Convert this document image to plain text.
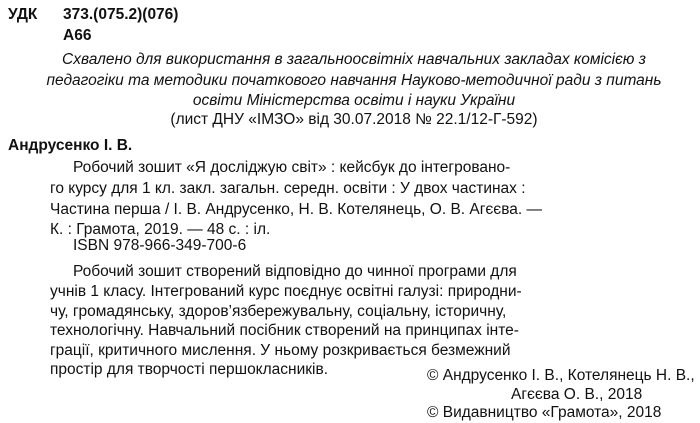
УДК 373.(075.2)(076)
А66
Схвалено для використання в загальноосвітніх навчальних закладах комісією з
педагогіки та методики початкового навчання Науково-методичної ради з питань
освіти Міністерства освіти і науки України
(лист ДНУ «ІМЗО» від 30.07.2018 № 22.1/12-Г-592)
Андрусенко І. В.
Робочий зошит «Я досліджую світ» : кейсбук до інтегровано-
го курсу для 1 кл. закл. загальн. середн. освіти : У двох частинах :
Частина перша / І. В. Андрусенко, Н. В. Котелянець, О. В. Агєєва. —
К. : Грамота, 2019. — 48 с. : іл.
ISBN 978-966-349-700-6
Робочий зошит створений відповідно до чинної програми для
учнів 1 класу. Інтегрований курс поєднує освітні галузі: природни-
чу, громадянську, здоров’язбережувальну, соціальну, історичну,
технологічну. Навчальний посібник створений на принципах інте-
грації, критичного мислення. У ньому розкривається безмежний
простір для творчості першокласників.	© Андрусенко І. В., Котелянець Н. В.,
Агєєва О. В., 2018
© Видавництво «Грамота», 2018
